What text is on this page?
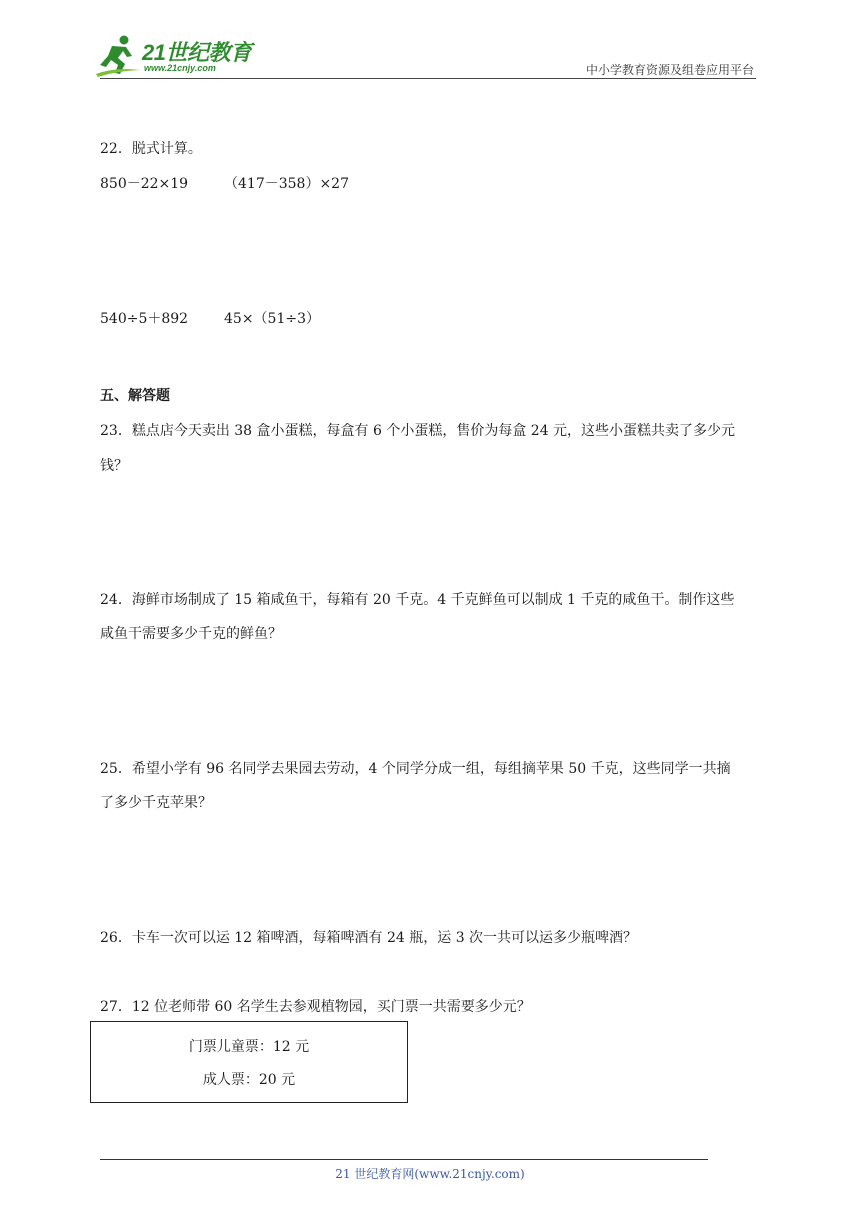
21世纪教育
www.21cnjy.com	中小学教育资源及组卷应用平台
22．脱式计算。
850－22×19	（417－358）×27
540÷5＋892	45×（51÷3）
五、解答题
23．糕点店今天卖出 38 盒小蛋糕，每盒有 6 个小蛋糕，售价为每盒 24 元，这些小蛋糕共卖了多少元
钱？
24．海鲜市场制成了 15 箱咸鱼干，每箱有 20 千克。4 千克鲜鱼可以制成 1 千克的咸鱼干。制作这些
咸鱼干需要多少千克的鲜鱼？
25．希望小学有 96 名同学去果园去劳动，4 个同学分成一组，每组摘苹果 50 千克，这些同学一共摘
了多少千克苹果？
26．卡车一次可以运 12 箱啤酒，每箱啤酒有 24 瓶，运 3 次一共可以运多少瓶啤酒？
27．12 位老师带 60 名学生去参观植物园，买门票一共需要多少元？
门票儿童票：12 元
成人票：20 元
21 世纪教育网(www.21cnjy.com)
